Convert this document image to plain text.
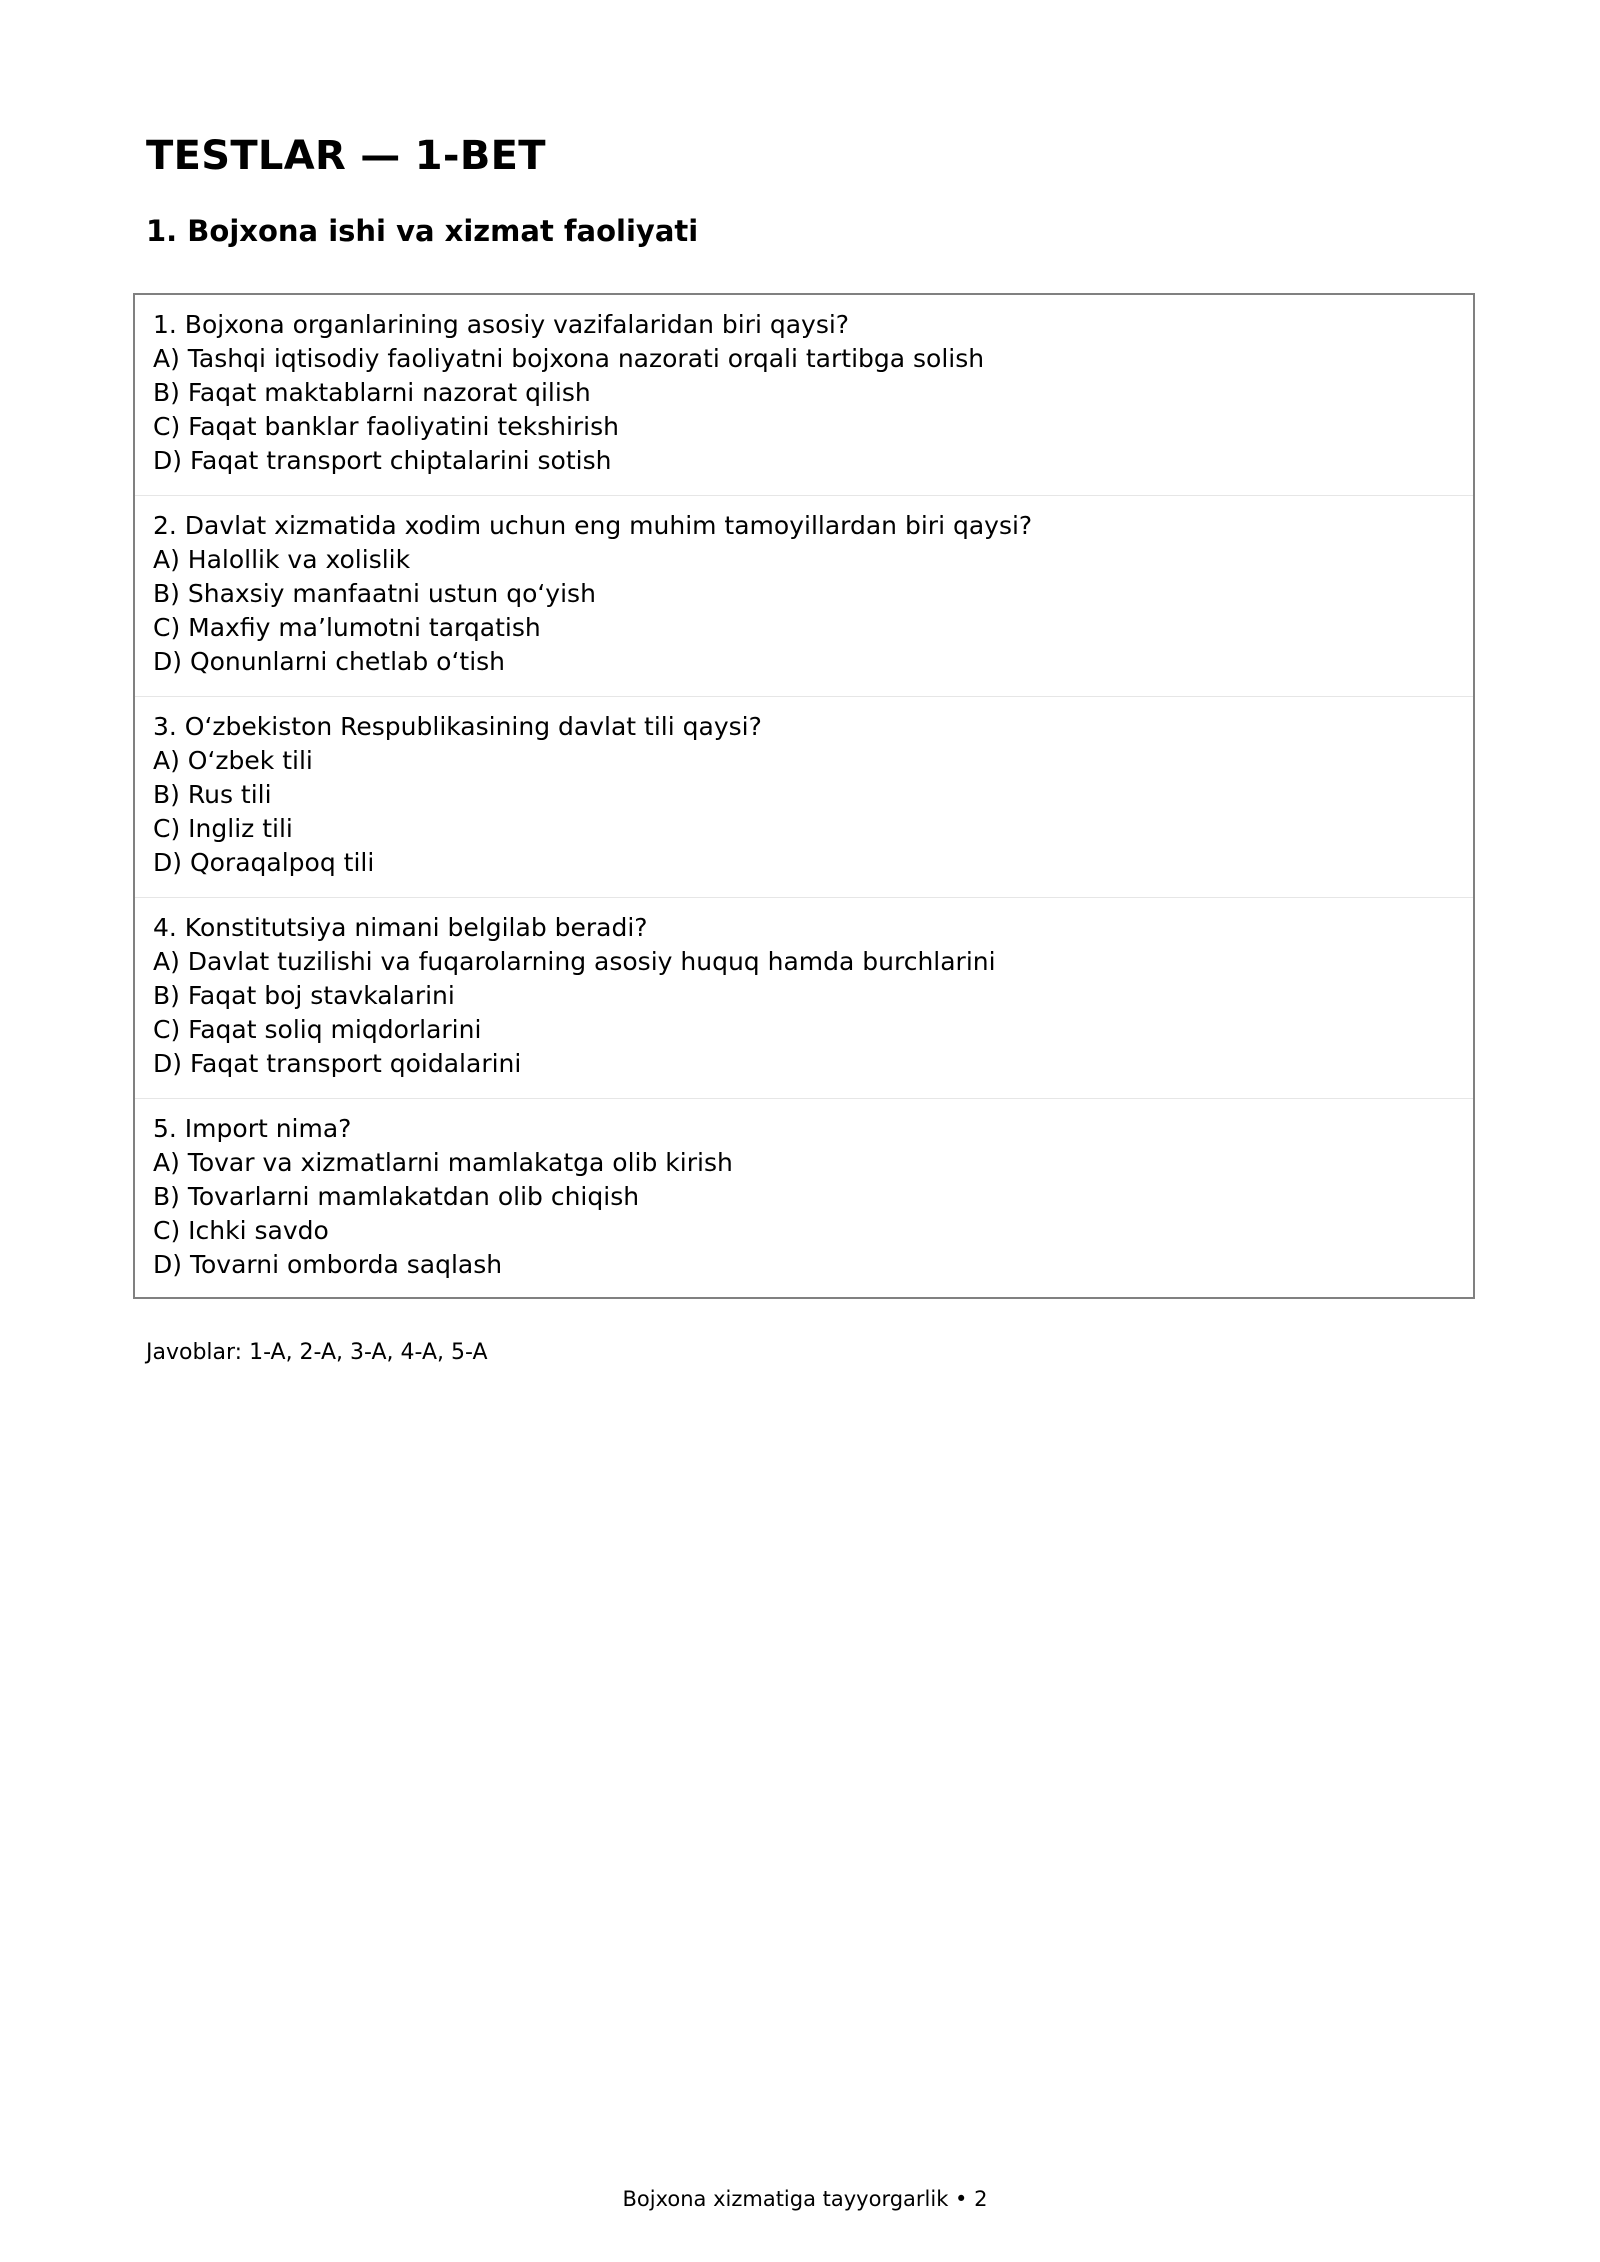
TESTLAR — 1-BET
1. Bojxona ishi va xizmat faoliyati
1. Bojxona organlarining asosiy vazifalaridan biri qaysi?
A) Tashqi iqtisodiy faoliyatni bojxona nazorati orqali tartibga solish
B) Faqat maktablarni nazorat qilish
C) Faqat banklar faoliyatini tekshirish
D) Faqat transport chiptalarini sotish
2. Davlat xizmatida xodim uchun eng muhim tamoyillardan biri qaysi?
A) Halollik va xolislik
B) Shaxsiy manfaatni ustun qo‘yish
C) Maxfiy ma’lumotni tarqatish
D) Qonunlarni chetlab o‘tish
3. O‘zbekiston Respublikasining davlat tili qaysi?
A) O‘zbek tili
B) Rus tili
C) Ingliz tili
D) Qoraqalpoq tili
4. Konstitutsiya nimani belgilab beradi?
A) Davlat tuzilishi va fuqarolarning asosiy huquq hamda burchlarini
B) Faqat boj stavkalarini
C) Faqat soliq miqdorlarini
D) Faqat transport qoidalarini
5. Import nima?
A) Tovar va xizmatlarni mamlakatga olib kirish
B) Tovarlarni mamlakatdan olib chiqish
C) Ichki savdo
D) Tovarni omborda saqlash

Javoblar: 1-A, 2-A, 3-A, 4-A, 5-A

Bojxona xizmatiga tayyorgarlik • 2
